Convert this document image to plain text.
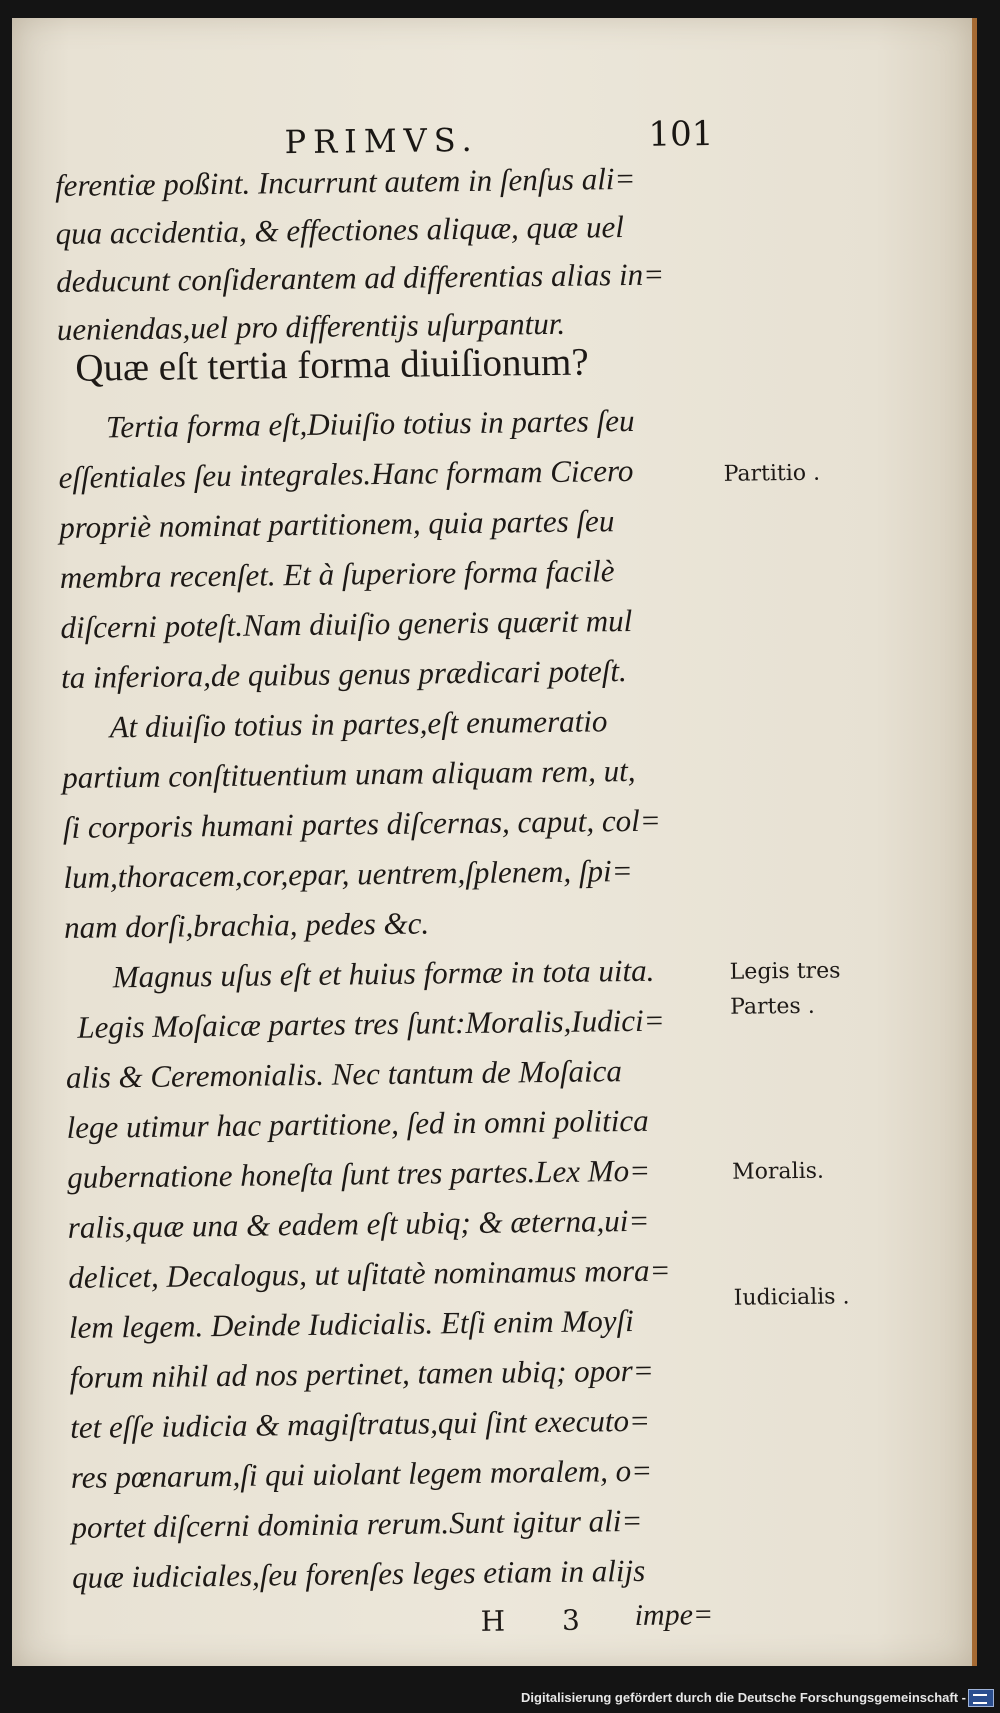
PRIMVS.	101
ferentiæ poßint. Incurrunt autem in ſenſus ali=
qua accidentia, & effectiones aliquæ, quæ uel
deducunt conſiderantem ad differentias alias in=
ueniendas,uel pro differentijs uſurpantur.
Quæ eſt tertia forma diuiſionum?
Tertia forma eſt,Diuiſio totius in partes ſeu
eſſentiales ſeu integrales.Hanc formam Cicero
propriè nominat partitionem, quia partes ſeu
membra recenſet. Et à ſuperiore forma facilè
diſcerni poteſt.Nam diuiſio generis quærit mul
ta inferiora,de quibus genus prædicari poteſt.
At diuiſio totius in partes,eſt enumeratio
partium conſtituentium unam aliquam rem, ut,
ſi corporis humani partes diſcernas, caput, col=
lum,thoracem,cor,epar, uentrem,ſplenem, ſpi=
nam dorſi,brachia, pedes &c.
Magnus uſus eſt et huius formæ in tota uita.
Legis Moſaicæ partes tres ſunt:Moralis,Iudici=
alis & Ceremonialis. Nec tantum de Moſaica
lege utimur hac partitione, ſed in omni politica
gubernatione honeſta ſunt tres partes.Lex Mo=
ralis,quæ una & eadem eſt ubiq; & æterna,ui=
delicet, Decalogus, ut uſitatè nominamus mora=
lem legem. Deinde Iudicialis. Etſi enim Moyſi
forum nihil ad nos pertinet, tamen ubiq; opor=
tet eſſe iudicia & magiſtratus,qui ſint executo=
res pœnarum,ſi qui uiolant legem moralem, o=
portet diſcerni dominia rerum.Sunt igitur ali=
quæ iudiciales,ſeu forenſes leges etiam in alijs
Partitio .
Legis tres
Partes .
Moralis.
Iudicialis .
H 3 impe=
Digitalisierung gefördert durch die Deutsche Forschungsgemeinschaft -
